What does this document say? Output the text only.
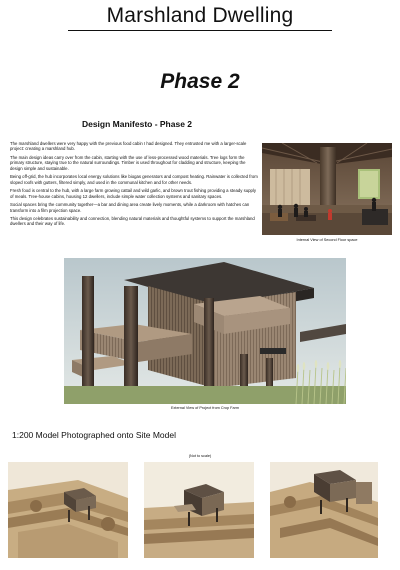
Marshland Dwelling
Phase 2
Design Manifesto - Phase 2

The marshland dwellers were very happy with the previous food cabin I had designed. They entrusted me with a larger-scale project: creating a marshland hub.

The main design ideas carry over from the cabin, starting with the use of less-processed wood materials. Tree logs form the primary structure, staying true to the natural surroundings. Timber is used throughout for cladding and structure, keeping the design simple and sustainable.

Being off-grid, the hub incorporates local energy solutions like biogas generators and compost heating. Rainwater is collected from sloped roofs with gutters, filtered simply, and used in the communal kitchen and for other needs.

Fresh food is central to the hub, with a large farm growing cattail and wild garlic, and brown trout fishing providing a steady supply of meals. Tree-house cabins, housing 12 dwellers, include simple water collection systems and sanitary spaces.

Social spaces bring the community together—a bar and dining area create lively moments, while a darkroom with hatches can transform into a film projection space.

This design celebrates sustainability and connection, blending natural materials and thoughtful systems to support the marshland dwellers and their way of life.

Internal View of Second Floor space
External View of Project from Crop Farm
1:200 Model Photographed onto Site Model
(Not to scale)
